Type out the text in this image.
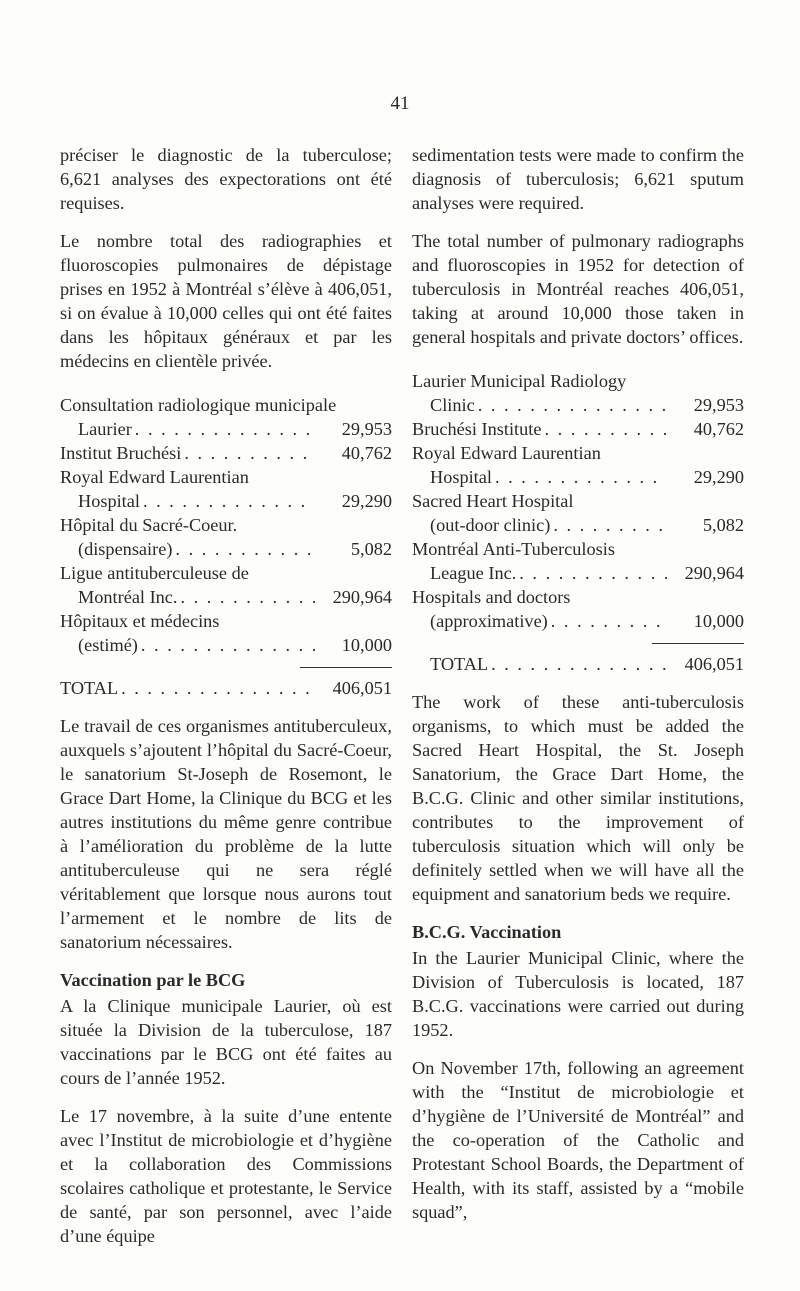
41

préciser le diagnostic de la tuberculose; 6,621 analyses des expectorations ont été requises.

Le nombre total des radiographies et fluoroscopies pulmonaires de dépistage prises en 1952 à Montréal s’élève à 406,051, si on évalue à 10,000 celles qui ont été faites dans les hôpitaux généraux et par les médecins en clientèle privée.

Consultation radiologique municipale
Laurier . . .	29,953
Institut Bruchési . . .	40,762
Royal Edward Laurentian
Hospital . . .	29,290
Hôpital du Sacré-Coeur.
(dispensaire) . . .	5,082
Ligue antituberculeuse de
Montréal Inc. . . .	290,964
Hôpitaux et médecins
(estimé) . . .	10,000
TOTAL . . .	406,051

Le travail de ces organismes antituberculeux, auxquels s’ajoutent l’hôpital du Sacré-Coeur, le sanatorium St-Joseph de Rosemont, le Grace Dart Home, la Clinique du BCG et les autres institutions du même genre contribue à l’amélioration du problème de la lutte antituberculeuse qui ne sera réglé véritablement que lorsque nous aurons tout l’armement et le nombre de lits de sanatorium nécessaires.

Vaccination par le BCG

A la Clinique municipale Laurier, où est située la Division de la tuberculose, 187 vaccinations par le BCG ont été faites au cours de l’année 1952.

Le 17 novembre, à la suite d’une entente avec l’Institut de microbiologie et d’hygiène et la collaboration des Commissions scolaires catholique et protestante, le Service de santé, par son personnel, avec l’aide d’une équipe

sedimentation tests were made to confirm the diagnosis of tuberculosis; 6,621 sputum analyses were required.

The total number of pulmonary radiographs and fluoroscopies in 1952 for detection of tuberculosis in Montréal reaches 406,051, taking at around 10,000 those taken in general hospitals and private doctors’ offices.

Laurier Municipal Radiology
Clinic . . .	29,953
Bruchési Institute . . .	40,762
Royal Edward Laurentian
Hospital . . .	29,290
Sacred Heart Hospital
(out-door clinic) . . .	5,082
Montréal Anti-Tuberculosis
League Inc. . . .	290,964
Hospitals and doctors
(approximative) . . .	10,000
TOTAL . . .	406,051

The work of these anti-tuberculosis organisms, to which must be added the Sacred Heart Hospital, the St. Joseph Sanatorium, the Grace Dart Home, the B.C.G. Clinic and other similar institutions, contributes to the improvement of tuberculosis situation which will only be definitely settled when we will have all the equipment and sanatorium beds we require.

B.C.G. Vaccination

In the Laurier Municipal Clinic, where the Division of Tuberculosis is located, 187 B.C.G. vaccinations were carried out during 1952.

On November 17th, following an agreement with the “Institut de microbiologie et d’hygiène de l’Université de Montréal” and the co-operation of the Catholic and Protestant School Boards, the Department of Health, with its staff, assisted by a “mobile squad”,
